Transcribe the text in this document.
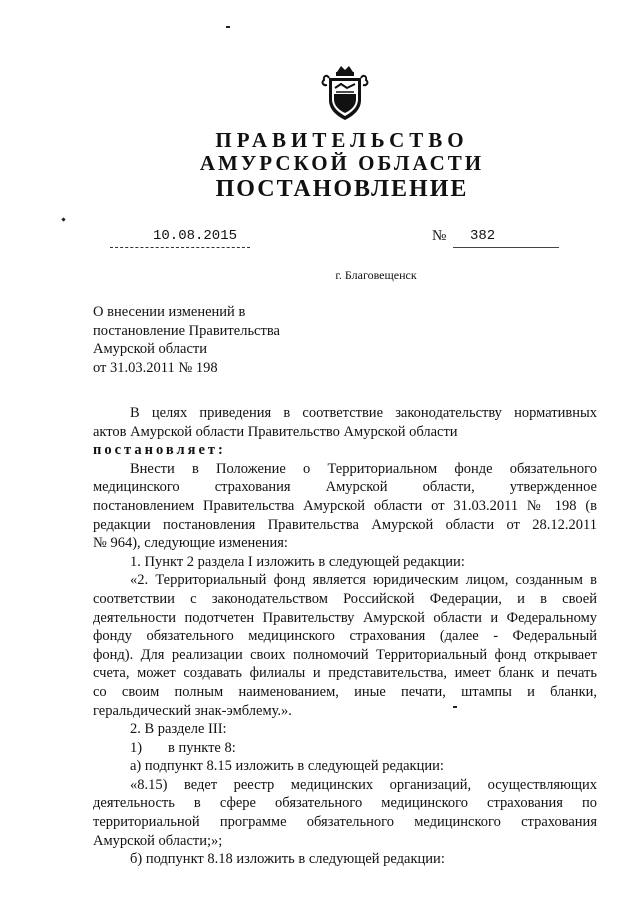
ПРАВИТЕЛЬСТВО
АМУРСКОЙ ОБЛАСТИ
ПОСТАНОВЛЕНИЕ
10.08.2015	№ 382
г. Благовещенск
О внесении изменений в
постановление Правительства
Амурской области
от 31.03.2011 № 198
В целях приведения в соответствие законодательству нормативных
актов Амурской области Правительство Амурской области
постановляет:
Внести в Положение о Территориальном фонде обязательного
медицинского страхования Амурской области, утвержденное
постановлением Правительства Амурской области от 31.03.2011 № 198 (в
редакции постановления Правительства Амурской области от 28.12.2011
№ 964), следующие изменения:
1. Пункт 2 раздела I изложить в следующей редакции:
«2. Территориальный фонд является юридическим лицом, созданным в
соответствии с законодательством Российской Федерации, и в своей
деятельности подотчетен Правительству Амурской области и Федеральному
фонду обязательного медицинского страхования (далее - Федеральный
фонд). Для реализации своих полномочий Территориальный фонд открывает
счета, может создавать филиалы и представительства, имеет бланк и печать
со своим полным наименованием, иные печати, штампы и бланки,
геральдический знак-эмблему.».
2. В разделе III:
1) в пункте 8:
а) подпункт 8.15 изложить в следующей редакции:
«8.15) ведет реестр медицинских организаций, осуществляющих
деятельность в сфере обязательного медицинского страхования по
территориальной программе обязательного медицинского страхования
Амурской области;»;
б) подпункт 8.18 изложить в следующей редакции:
